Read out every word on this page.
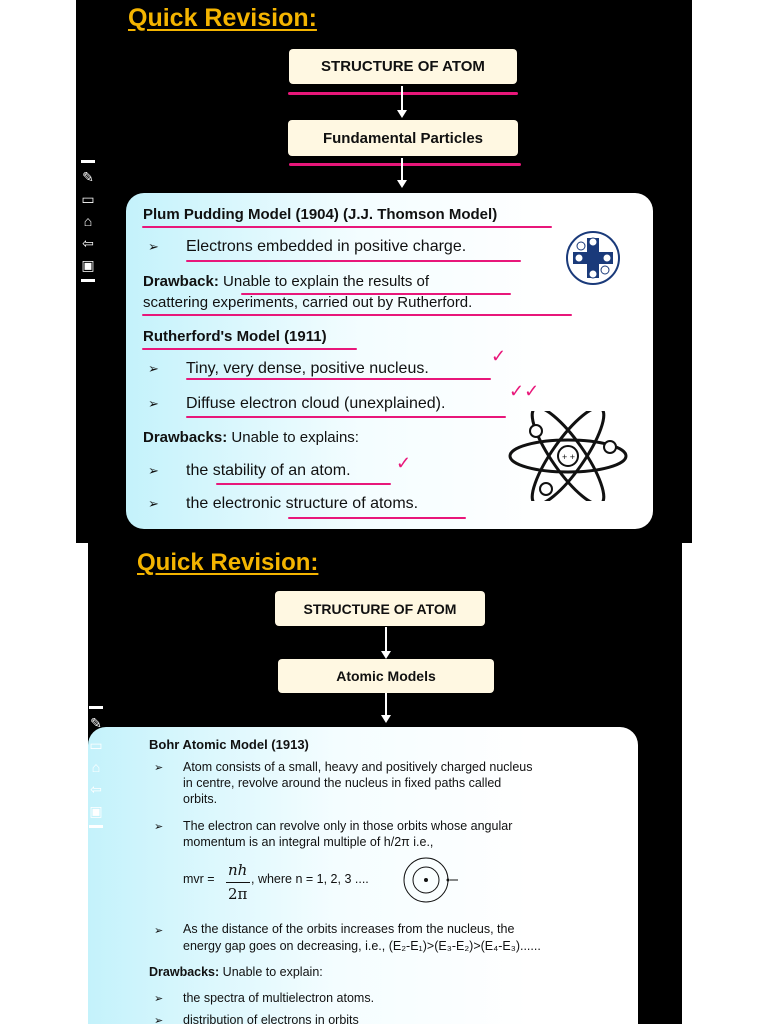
Quick Revision:
STRUCTURE OF ATOM
Fundamental Particles

Plum Pudding Model (1904) (J.J. Thomson Model)

➢ Electrons embedded in positive charge.

Drawback: Unable to explain the results of

scattering experiments, carried out by Rutherford.

Rutherford's Model (1911)

➢ Tiny, very dense, positive nucleus.

✓

➢ Diffuse electron cloud (unexplained).

✓✓

Drawbacks: Unable to explains:

➢ the stability of an atom.	✓

➢ the electronic structure of atoms.

+ +
✎
▭
⌂
⇦
▣
Quick Revision:
STRUCTURE OF ATOM
Atomic Models

Bohr Atomic Model (1913)

➢ Atom consists of a small, heavy and positively charged nucleus

in centre, revolve around the nucleus in fixed paths called

orbits.

➢ The electron can revolve only in those orbits whose angular

momentum is an integral multiple of h/2π i.e.,

mvr = nh

2π

, where n = 1, 2, 3 ....

➢ As the distance of the orbits increases from the nucleus, the

energy gap goes on decreasing, i.e., (E₂-E₁)>(E₃-E₂)>(E₄-E₃)......

Drawbacks: Unable to explain:

➢ the spectra of multielectron atoms.

➢ distribution of electrons in orbits

✎
▭
⌂
⇦
▣
